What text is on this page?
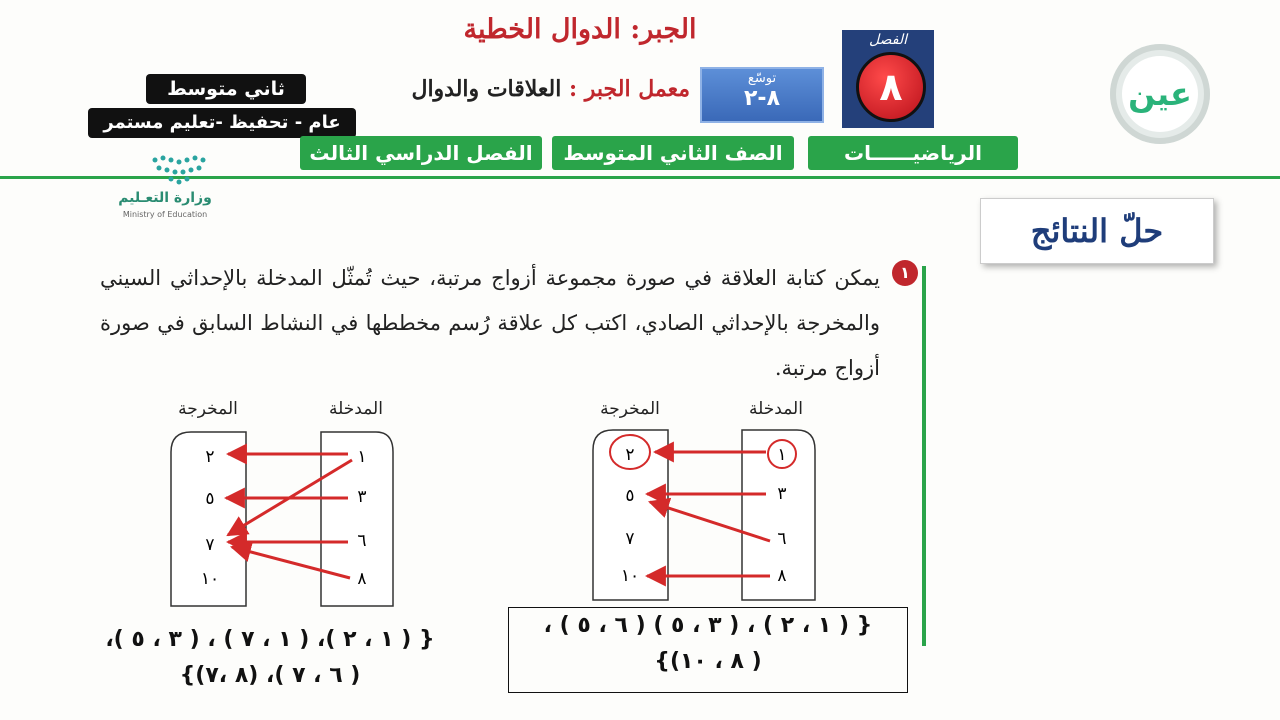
الجبر: الدوال الخطية
معمل الجبر : العلاقات والدوال	توسّع
٨-٢
الفصل
٨
ثاني متوسط
عام - تحفيظ -تعليم مستمر
الرياضيــــــات
الصف الثاني المتوسط
الفصل الدراسي الثالث
وزارة التعـليم
Ministry of Education
عين
حلّ النتائج
١
يمكن كتابة العلاقة في صورة مجموعة أزواج مرتبة، حيث تُمثّل المدخلة بالإحداثي السيني والمخرجة بالإحداثي الصادي، اكتب كل علاقة رُسم مخططها في النشاط السابق في صورة أزواج مرتبة.
المدخلة
المخرجة
١
٣
٦
٨
٢
٥
٧
١٠
المدخلة
المخرجة
١
٣
٦
٨
٢
٥
٧
١٠
{ ( ١ ، ٢ ) ، ( ٣ ، ٥ ) ( ٦ ، ٥ ) ،
( ٨ ، ١٠)}
{ ( ١ ، ٢ )، ( ١ ، ٧ ) ، ( ٣ ، ٥ )،
( ٦ ، ٧ )، (٨ ،٧)}
